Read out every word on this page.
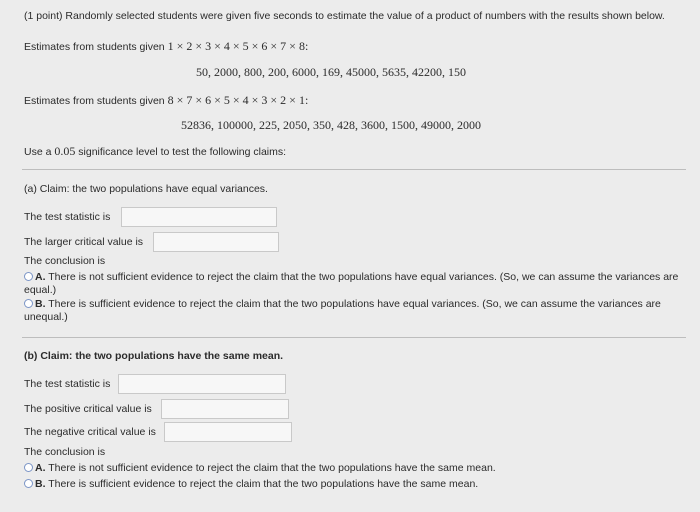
(1 point) Randomly selected students were given five seconds to estimate the value of a product of numbers with the results shown below.
Estimates from students given 1 × 2 × 3 × 4 × 5 × 6 × 7 × 8:
50, 2000, 800, 200, 6000, 169, 45000, 5635, 42200, 150
Estimates from students given 8 × 7 × 6 × 5 × 4 × 3 × 2 × 1:
52836, 100000, 225, 2050, 350, 428, 3600, 1500, 49000, 2000
Use a 0.05 significance level to test the following claims:
(a) Claim: the two populations have equal variances.
The test statistic is
The larger critical value is
The conclusion is
A. There is not sufficient evidence to reject the claim that the two populations have equal variances. (So, we can assume the variances are equal.)
B. There is sufficient evidence to reject the claim that the two populations have equal variances. (So, we can assume the variances are unequal.)
(b) Claim: the two populations have the same mean.
The test statistic is
The positive critical value is
The negative critical value is
The conclusion is
A. There is not sufficient evidence to reject the claim that the two populations have the same mean.
B. There is sufficient evidence to reject the claim that the two populations have the same mean.
